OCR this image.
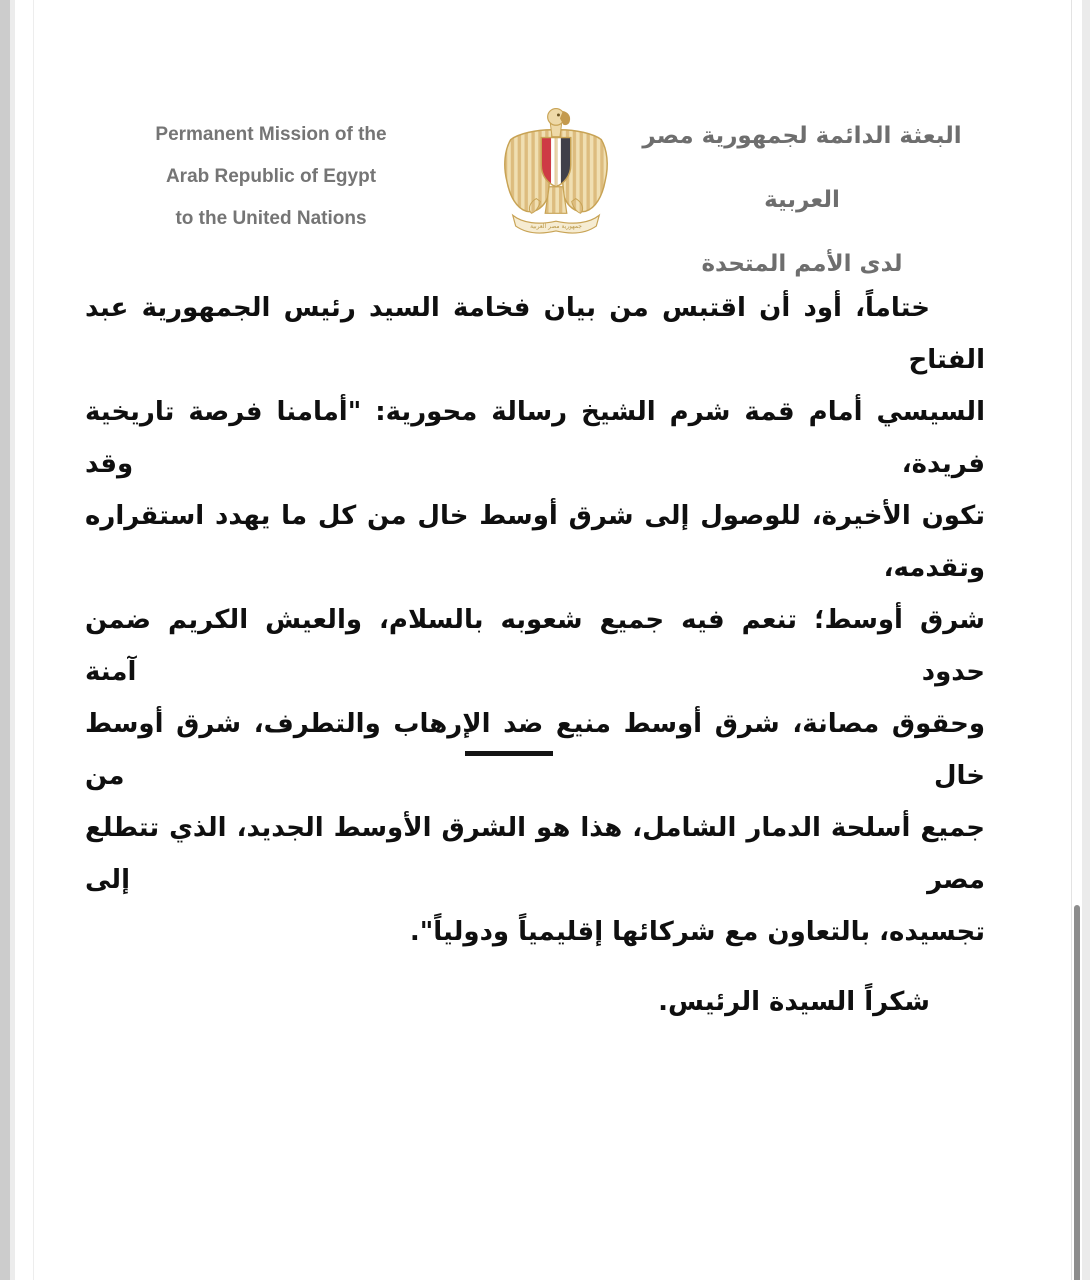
Permanent Mission of the
Arab Republic of Egypt
to the United Nations	جمهورية مصر العربية
البعثة الدائمة لجمهورية مصر العربية
لدى الأمم المتحدة
ختاماً، أود أن اقتبس من بيان فخامة السيد رئيس الجمهورية عبد الفتاح
السيسي أمام قمة شرم الشيخ رسالة محورية: "أمامنا فرصة تاريخية فريدة، وقد
تكون الأخيرة، للوصول إلى شرق أوسط خال من كل ما يهدد استقراره وتقدمه،
شرق أوسط؛ تنعم فيه جميع شعوبه بالسلام، والعيش الكريم ضمن حدود آمنة
وحقوق مصانة، شرق أوسط منيع ضد الإرهاب والتطرف، شرق أوسط خال من
جميع أسلحة الدمار الشامل، هذا هو الشرق الأوسط الجديد، الذي تتطلع مصر إلى
تجسيده، بالتعاون مع شركائها إقليمياً ودولياً".
شكراً السيدة الرئيس.
